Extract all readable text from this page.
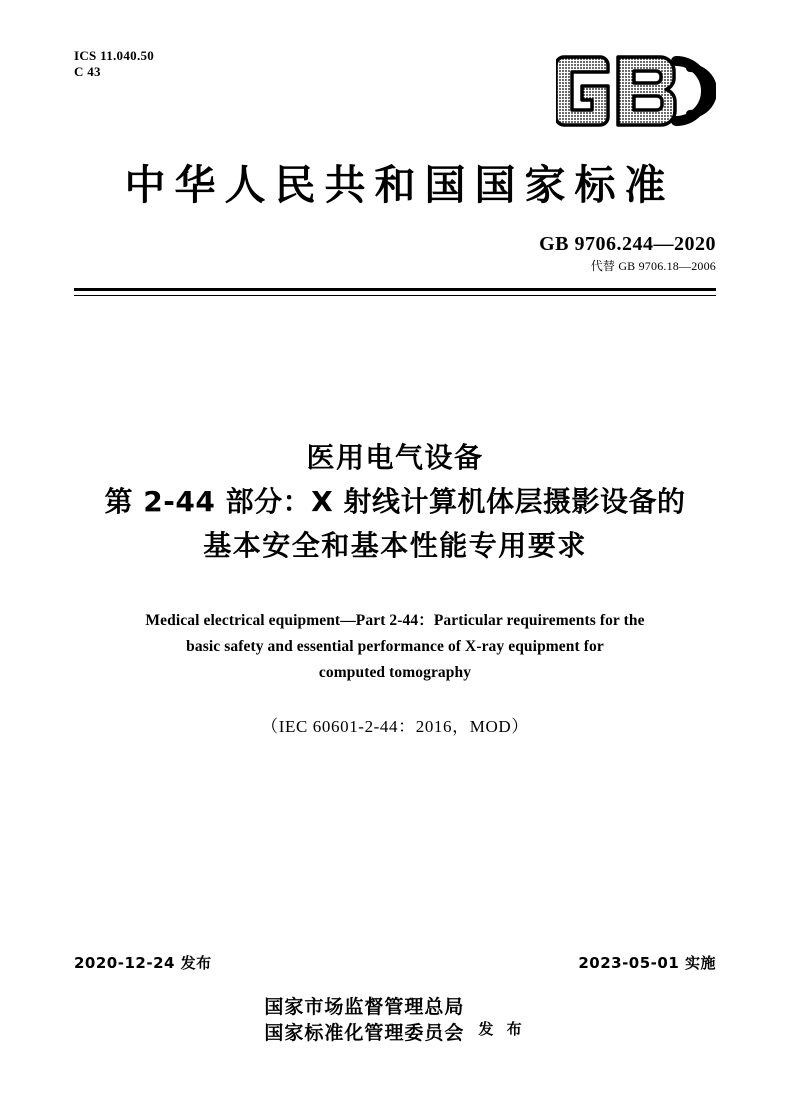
ICS 11.040.50
C 43
中华人民共和国国家标准
GB 9706.244—2020
代替 GB 9706.18—2006
医用电气设备
第 2-44 部分：X 射线计算机体层摄影设备的
基本安全和基本性能专用要求
Medical electrical equipment—Part 2-44：Particular requirements for the
basic safety and essential performance of X-ray equipment for
computed tomography
（IEC 60601-2-44：2016，MOD）
2020-12-24 发布	2023-05-01 实施
国家市场监督管理总局
国家标准化管理委员会 发 布
